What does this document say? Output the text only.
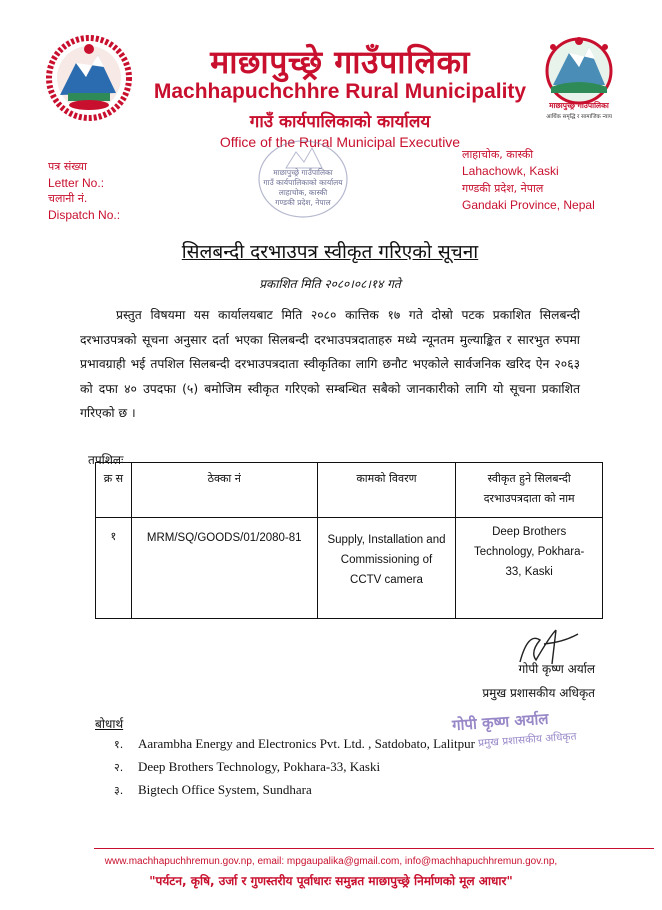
माछापुच्छ्रे गाउँपालिका
आर्थिक समृद्धि र सामाजिक न्याय
माछापुच्छ्रे गाउँपालिका
Machhapuchchhre Rural Municipality
गाउँ कार्यपालिकाको कार्यालय
Office of the Rural Municipal Executive
पत्र संख्या
Letter No.:
चलानी नं.
Dispatch No.:
लाहाचोक, कास्की
Lahachowk, Kaski
गण्डकी प्रदेश, नेपाल
Gandaki Province, Nepal
माछापुच्छ्रे गाउँपालिका
गाउँ कार्यपालिकाको कार्यालय
लाहाचोक, कास्की
गण्डकी प्रदेश, नेपाल
सिलबन्दी दरभाउपत्र स्वीकृत गरिएको सूचना
प्रकाशित मिति २०८०।०८।१४ गते
प्रस्तुत विषयमा यस कार्यालयबाट मिति २०८० कात्तिक १७ गते दोस्रो पटक प्रकाशित सिलबन्दी दरभाउपत्रको सूचना अनुसार दर्ता भएका सिलबन्दी दरभाउपत्रदाताहरु मध्ये न्यूनतम मुल्याङ्कित र सारभुत रुपमा प्रभावग्राही भई तपशिल सिलबन्दी दरभाउपत्रदाता स्वीकृतिका लागि छनौट भएकोले सार्वजनिक खरिद ऐन २०६३ को दफा ४० उपदफा (५) बमोजिम स्वीकृत गरिएको सम्बन्धित सबैको जानकारीको लागि यो सूचना प्रकाशित गरिएको छ ।
तपशिलः
क्र स	ठेक्का नं	कामको विवरण	स्वीकृत हुने सिलबन्दी दरभाउपत्रदाता को नाम
१	MRM/SQ/GOODS/01/2080-81	Supply, Installation and Commissioning of CCTV camera	Deep Brothers Technology, Pokhara-33, Kaski
गोपी कृष्ण अर्याल
प्रमुख प्रशासकीय अधिकृत
गोपी कृष्ण अर्याल
प्रमुख प्रशासकीय अधिकृत
बोधार्थ
१. Aarambha Energy and Electronics Pvt. Ltd. , Satdobato, Lalitpur
२. Deep Brothers Technology, Pokhara-33, Kaski
३. Bigtech Office System, Sundhara
www.machhapuchhremun.gov.np, email: mpgaupalika@gmail.com, info@machhapuchhremun.gov.np,
"पर्यटन, कृषि, उर्जा र गुणस्तरीय पूर्वाधारः समुन्नत माछापुच्छ्रे निर्माणको मूल आधार"
